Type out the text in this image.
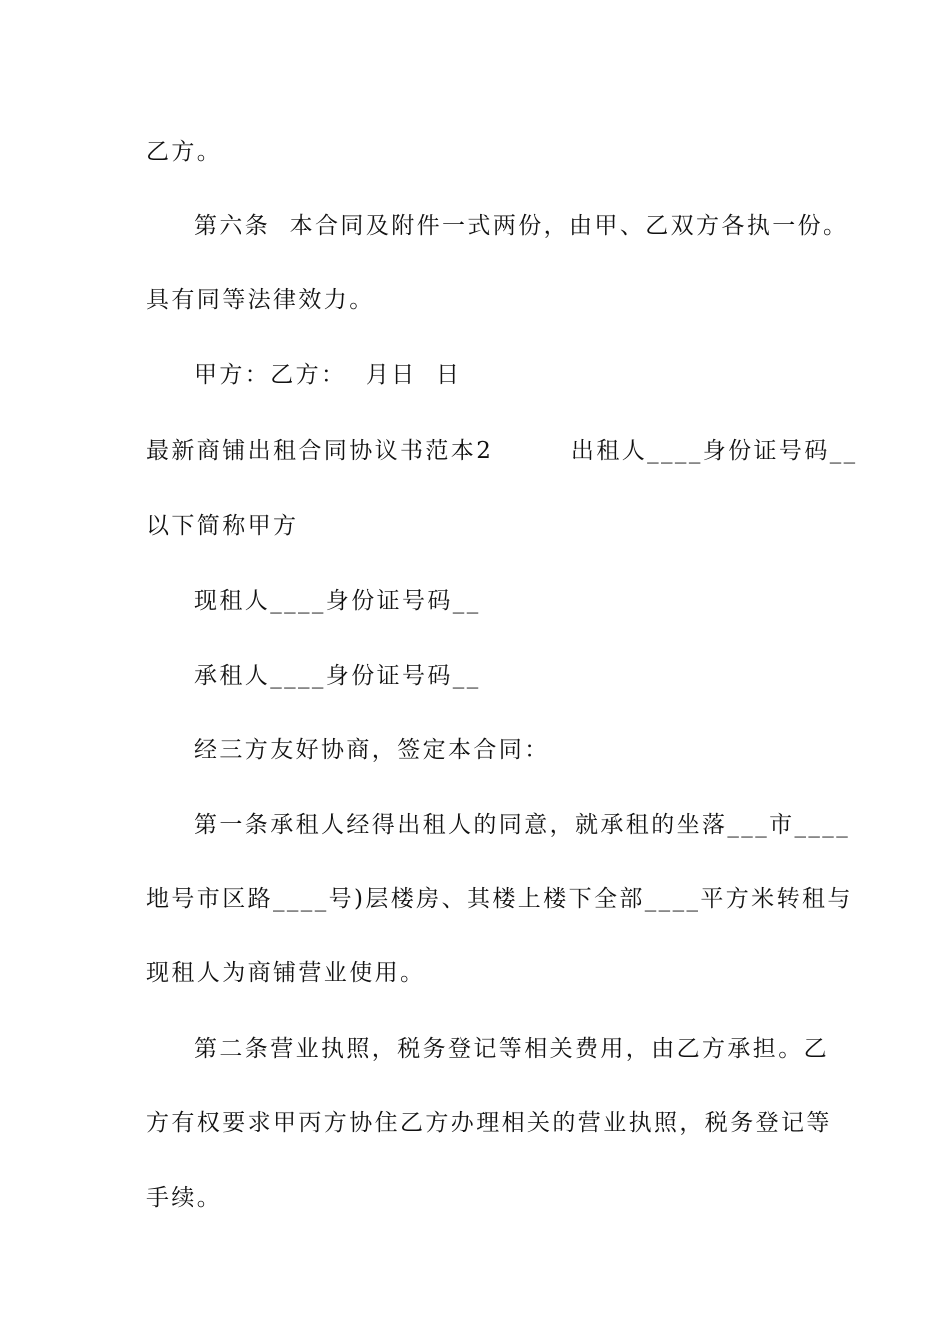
乙方。
第六条  本合同及附件一式两份，由甲、乙双方各执一份。
具有同等法律效力。
甲方：乙方：  月日  日
最新商铺出租合同协议书范本2        出租人____身份证号码__
以下简称甲方
现租人____身份证号码__
承租人____身份证号码__
经三方友好协商，签定本合同：
第一条承租人经得出租人的同意，就承租的坐落___市____
地号市区路____号)层楼房、其楼上楼下全部____平方米转租与
现租人为商铺营业使用。
第二条营业执照，税务登记等相关费用，由乙方承担。乙
方有权要求甲丙方协住乙方办理相关的营业执照，税务登记等
手续。
